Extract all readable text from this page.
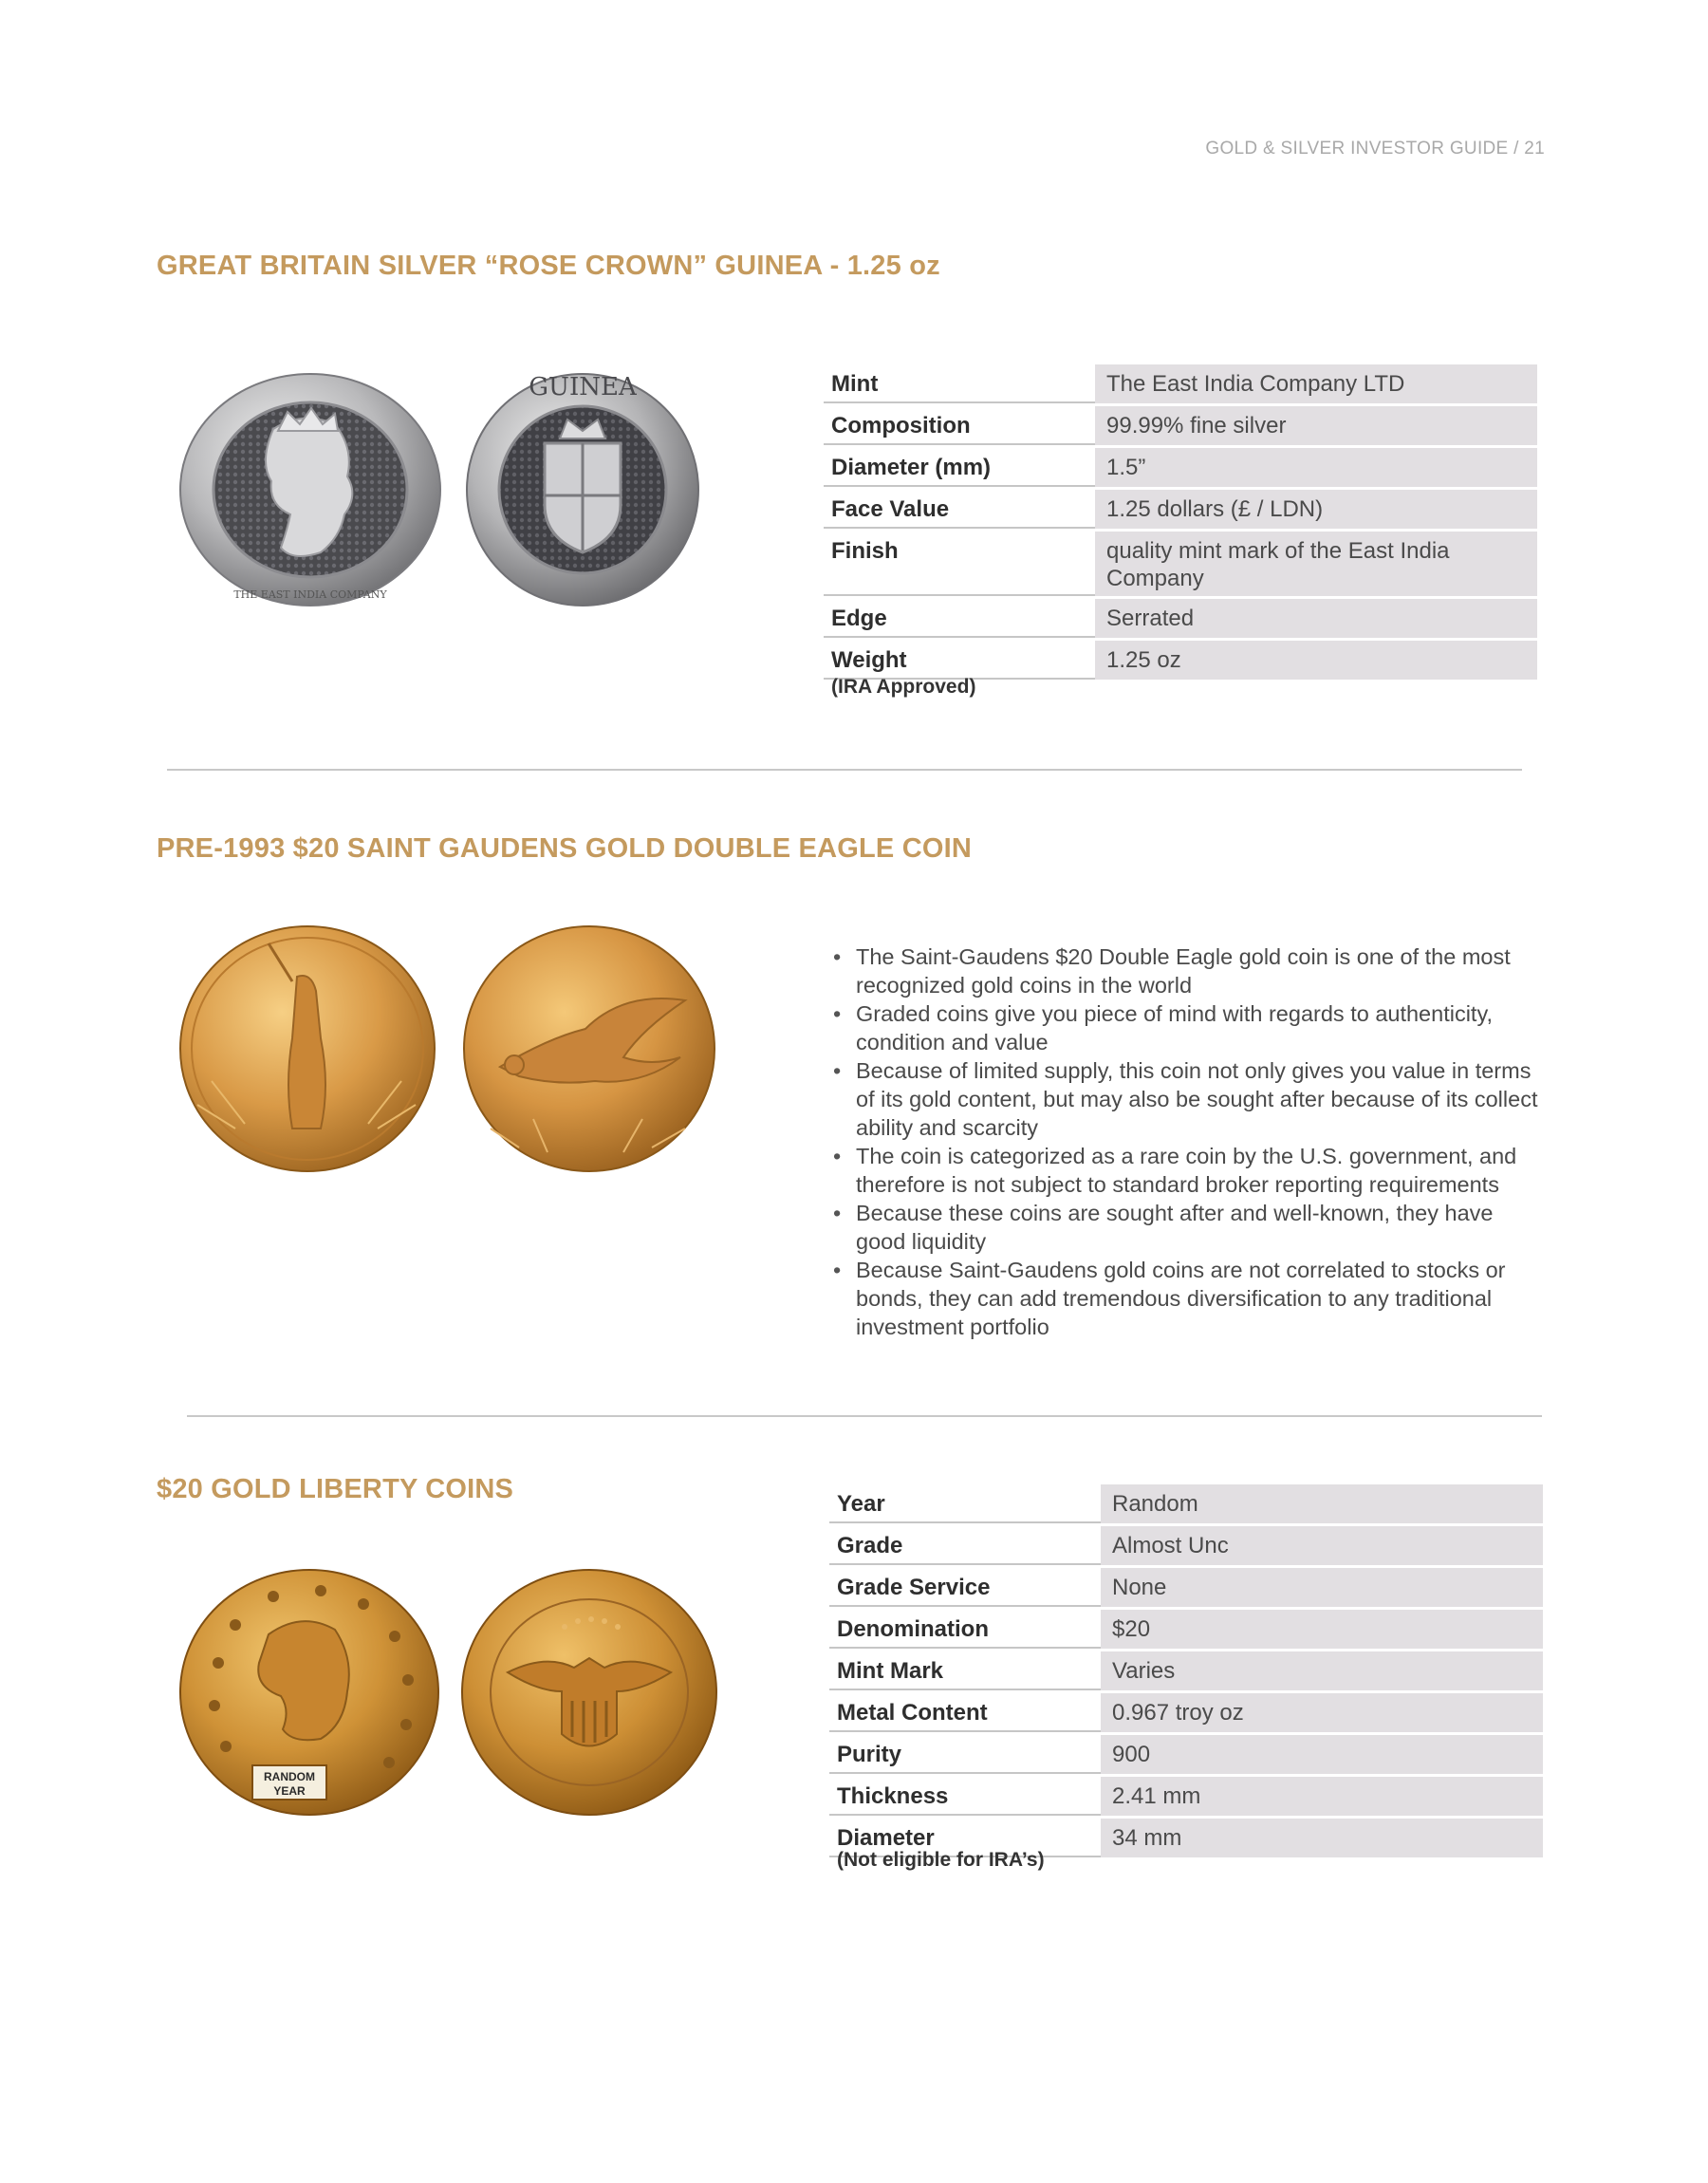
GOLD & SILVER INVESTOR GUIDE / 21
GREAT BRITAIN SILVER “ROSE CROWN” GUINEA - 1.25 oz
THE EAST INDIA COMPANY
GUINEA	Mint	The East India Company LTD
Composition	99.99% fine silver
Diameter (mm)	1.5”
Face Value	1.25 dollars (£ / LDN)
Finish	quality mint mark of the East India Company
Edge	Serrated
Weight	1.25 oz
(IRA Approved)
PRE-1993 $20 SAINT GAUDENS GOLD DOUBLE EAGLE COIN
• The Saint-Gaudens $20 Double Eagle gold coin is one of the most recognized gold coins in the world
• Graded coins give you piece of mind with regards to authenticity, condition and value
• Because of limited supply, this coin not only gives you value in terms of its gold content, but may also be sought after because of its collect ability and scarcity
• The coin is categorized as a rare coin by the U.S. government, and therefore is not subject to standard broker reporting requirements
• Because these coins are sought after and well-known, they have good liquidity
• Because Saint-Gaudens gold coins are not correlated to stocks or bonds, they can add tremendous diversification to any traditional investment portfolio
$20 GOLD LIBERTY COINS
RANDOM
YEAR
Year	Random
Grade	Almost Unc
Grade Service	None
Denomination	$20
Mint Mark	Varies
Metal Content	0.967 troy oz
Purity	900
Thickness	2.41 mm
Diameter	34 mm
(Not eligible for IRA’s)
